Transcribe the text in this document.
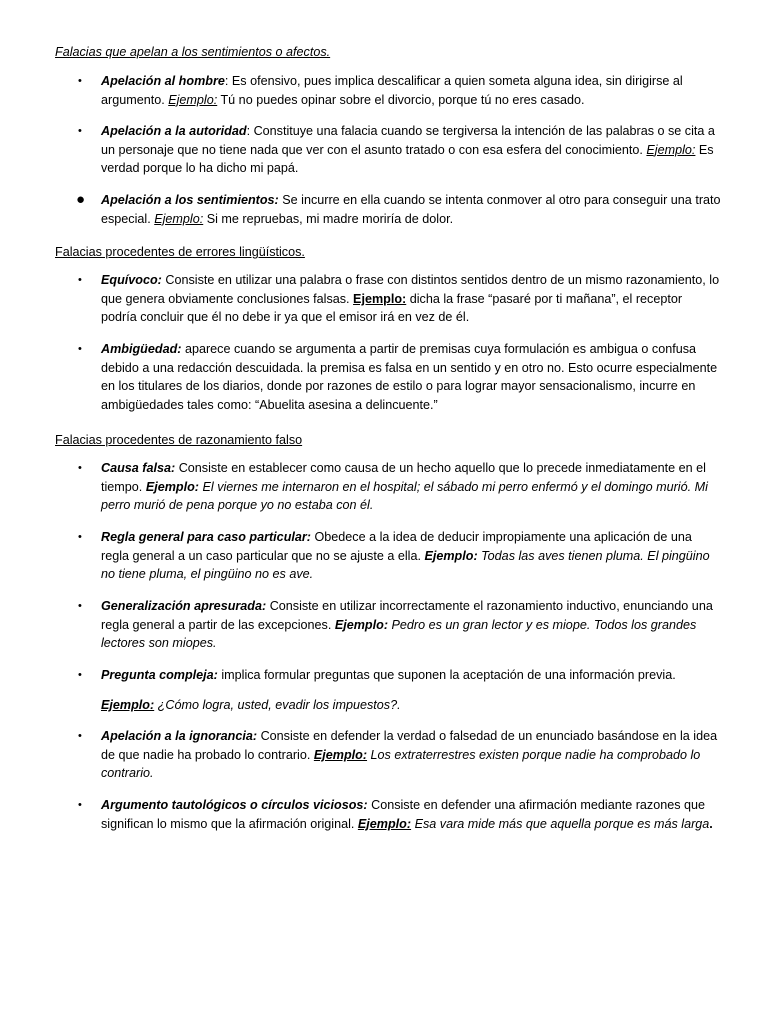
Falacias que apelan a los sentimientos o afectos.
• Apelación al hombre: Es ofensivo, pues implica descalificar a quien someta alguna idea, sin dirigirse al argumento. Ejemplo: Tú no puedes opinar sobre el divorcio, porque tú no eres casado.
• Apelación a la autoridad: Constituye una falacia cuando se tergiversa la intención de las palabras o se cita a un personaje que no tiene nada que ver con el asunto tratado o con esa esfera del conocimiento. Ejemplo: Es verdad porque lo ha dicho mi papá.
● Apelación a los sentimientos: Se incurre en ella cuando se intenta conmover al otro para conseguir una trato especial. Ejemplo: Si me repruebas, mi madre moriría de dolor.
Falacias procedentes de errores lingüísticos.
• Equívoco: Consiste en utilizar una palabra o frase con distintos sentidos dentro de un mismo razonamiento, lo que genera obviamente conclusiones falsas. Ejemplo: dicha la frase “pasaré por ti mañana”, el receptor podría concluir que él no debe ir ya que el emisor irá en vez de él.
• Ambigüedad: aparece cuando se argumenta a partir de premisas cuya formulación es ambigua o confusa debido a una redacción descuidada. la premisa es falsa en un sentido y en otro no. Esto ocurre especialmente en los titulares de los diarios, donde por razones de estilo o para lograr mayor sensacionalismo, incurre en ambigüedades tales como: “Abuelita asesina a delincuente.”
Falacias procedentes de razonamiento falso
• Causa falsa: Consiste en establecer como causa de un hecho aquello que lo precede inmediatamente en el tiempo. Ejemplo: El viernes me internaron en el hospital; el sábado mi perro enfermó y el domingo murió. Mi perro murió de pena porque yo no estaba con él.
• Regla general para caso particular: Obedece a la idea de deducir impropiamente una aplicación de una regla general a un caso particular que no se ajuste a ella. Ejemplo: Todas las aves tienen pluma. El pingüino no tiene pluma, el pingüino no es ave.
• Generalización apresurada: Consiste en utilizar incorrectamente el razonamiento inductivo, enunciando una regla general a partir de las excepciones. Ejemplo: Pedro es un gran lector y es miope. Todos los grandes lectores son miopes.
• Pregunta compleja: implica formular preguntas que suponen la aceptación de una información previa.
Ejemplo: ¿Cómo logra, usted, evadir los impuestos?.
• Apelación a la ignorancia: Consiste en defender la verdad o falsedad de un enunciado basándose en la idea de que nadie ha probado lo contrario. Ejemplo: Los extraterrestres existen porque nadie ha comprobado lo contrario.
• Argumento tautológicos o círculos viciosos: Consiste en defender una afirmación mediante razones que significan lo mismo que la afirmación original. Ejemplo: Esa vara mide más que aquella porque es más larga.
